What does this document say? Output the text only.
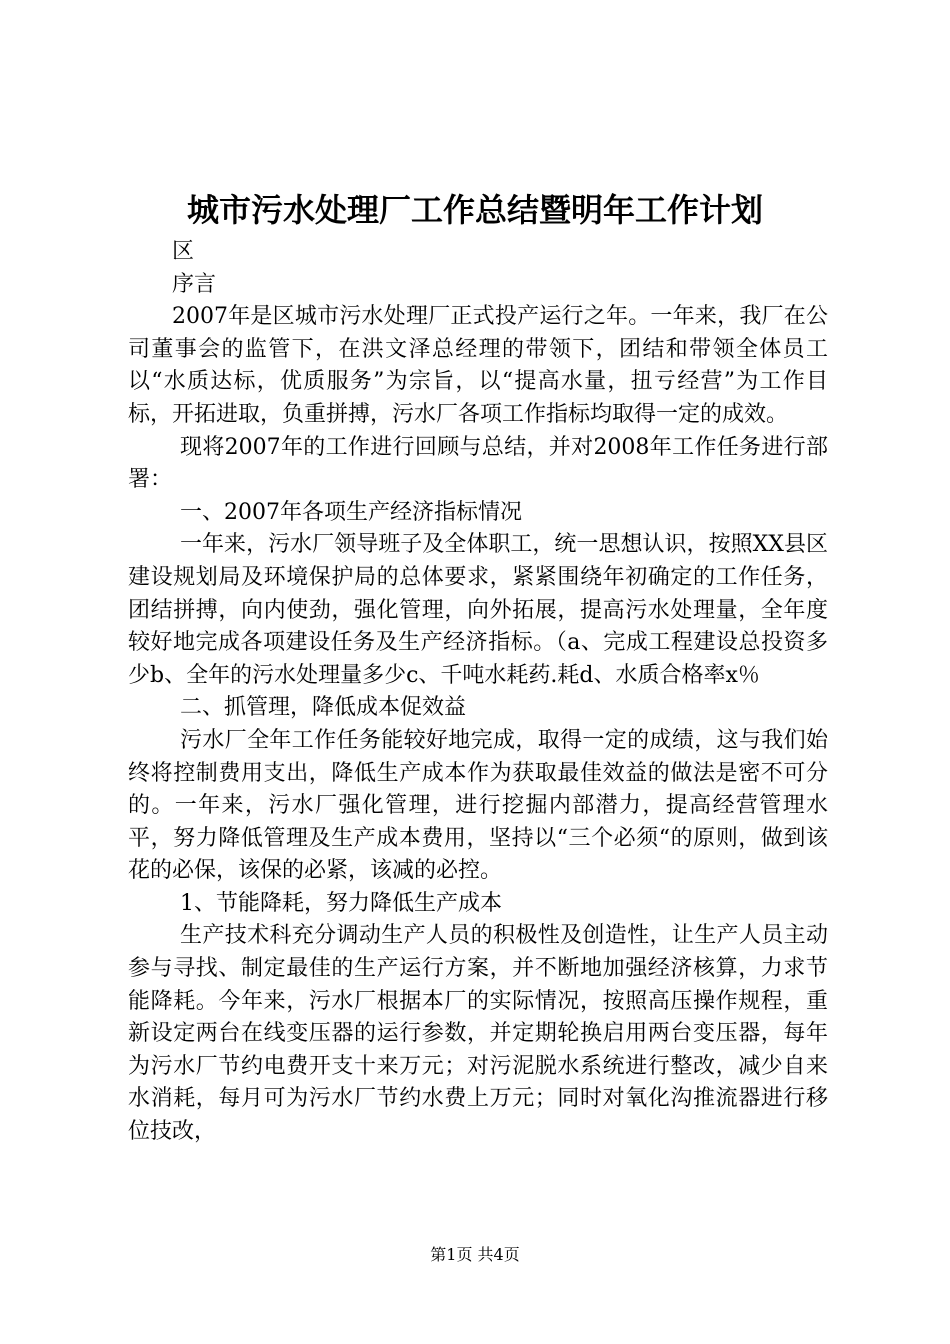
城市污水处理厂工作总结暨明年工作计划

区

序言

2007年是区城市污水处理厂正式投产运行之年。一年来，我厂在公司董事会的监管下，在洪文泽总经理的带领下，团结和带领全体员工以“水质达标，优质服务”为宗旨，以“提高水量，扭亏经营”为工作目标，开拓进取，负重拼搏，污水厂各项工作指标均取得一定的成效。

现将2007年的工作进行回顾与总结，并对2008年工作任务进行部署：

一、2007年各项生产经济指标情况

一年来，污水厂领导班子及全体职工，统一思想认识，按照XX县区建设规划局及环境保护局的总体要求，紧紧围绕年初确定的工作任务，团结拼搏，向内使劲，强化管理，向外拓展，提高污水处理量，全年度较好地完成各项建设任务及生产经济指标。（a、完成工程建设总投资多少b、全年的污水处理量多少c、千吨水耗药.耗d、水质合格率x％

二、抓管理，降低成本促效益

污水厂全年工作任务能较好地完成，取得一定的成绩，这与我们始终将控制费用支出，降低生产成本作为获取最佳效益的做法是密不可分的。一年来，污水厂强化管理，进行挖掘内部潜力，提高经营管理水平，努力降低管理及生产成本费用，坚持以“三个必须“的原则，做到该花的必保，该保的必紧，该减的必控。

1、节能降耗，努力降低生产成本

生产技术科充分调动生产人员的积极性及创造性，让生产人员主动参与寻找、制定最佳的生产运行方案，并不断地加强经济核算，力求节能降耗。今年来，污水厂根据本厂的实际情况，按照高压操作规程，重新设定两台在线变压器的运行参数，并定期轮换启用两台变压器，每年为污水厂节约电费开支十来万元；对污泥脱水系统进行整改，减少自来水消耗，每月可为污水厂节约水费上万元；同时对氧化沟推流器进行移位技改，

第1页 共4页
